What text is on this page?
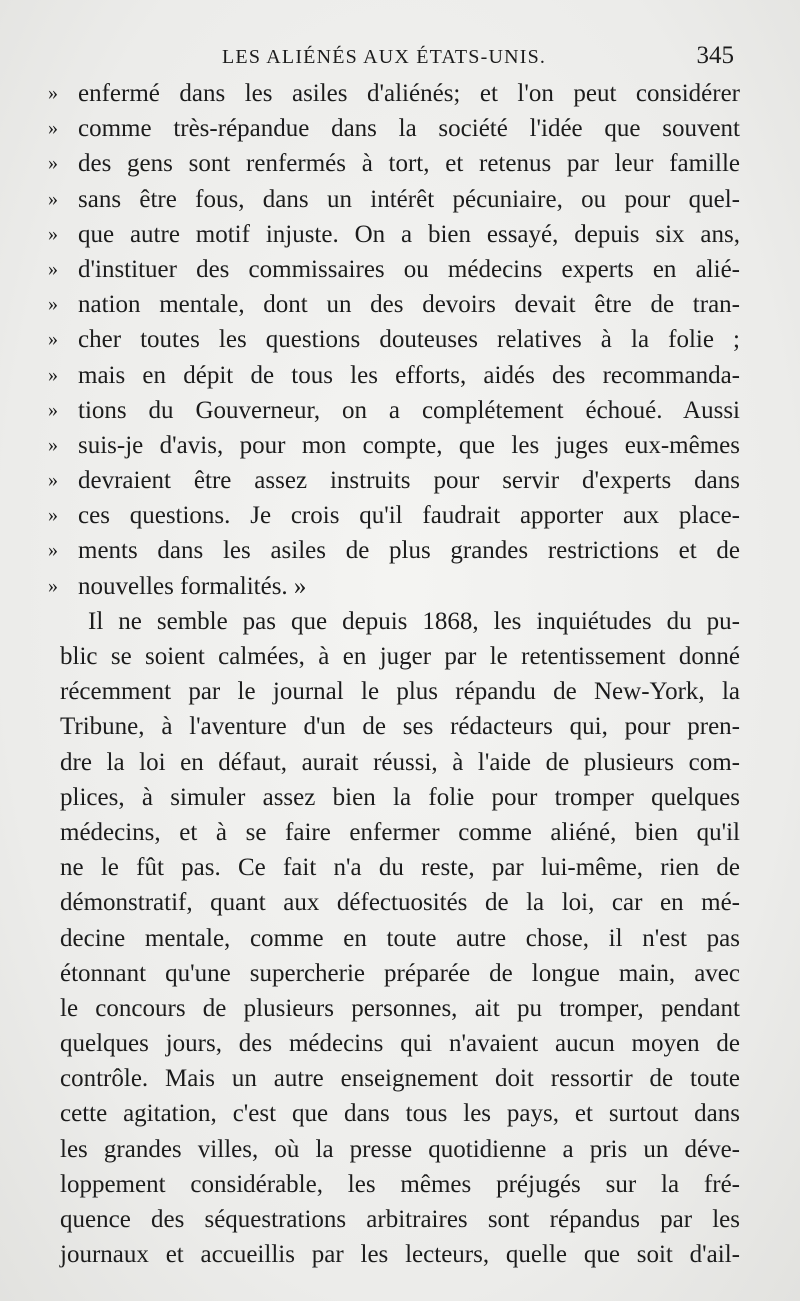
LES ALIÉNÉS AUX ÉTATS-UNIS.	345
» enfermé dans les asiles d'aliénés; et l'on peut considérer
» comme très-répandue dans la société l'idée que souvent
» des gens sont renfermés à tort, et retenus par leur famille
» sans être fous, dans un intérêt pécuniaire, ou pour quel-
» que autre motif injuste. On a bien essayé, depuis six ans,
» d'instituer des commissaires ou médecins experts en alié-
» nation mentale, dont un des devoirs devait être de tran-
» cher toutes les questions douteuses relatives à la folie ;
» mais en dépit de tous les efforts, aidés des recommanda-
» tions du Gouverneur, on a complétement échoué. Aussi
» suis-je d'avis, pour mon compte, que les juges eux-mêmes
» devraient être assez instruits pour servir d'experts dans
» ces questions. Je crois qu'il faudrait apporter aux place-
» ments dans les asiles de plus grandes restrictions et de
» nouvelles formalités. »
Il ne semble pas que depuis 1868, les inquiétudes du pu-
blic se soient calmées, à en juger par le retentissement donné
récemment par le journal le plus répandu de New-York, la
Tribune, à l'aventure d'un de ses rédacteurs qui, pour pren-
dre la loi en défaut, aurait réussi, à l'aide de plusieurs com-
plices, à simuler assez bien la folie pour tromper quelques
médecins, et à se faire enfermer comme aliéné, bien qu'il
ne le fût pas. Ce fait n'a du reste, par lui-même, rien de
démonstratif, quant aux défectuosités de la loi, car en mé-
decine mentale, comme en toute autre chose, il n'est pas
étonnant qu'une supercherie préparée de longue main, avec
le concours de plusieurs personnes, ait pu tromper, pendant
quelques jours, des médecins qui n'avaient aucun moyen de
contrôle. Mais un autre enseignement doit ressortir de toute
cette agitation, c'est que dans tous les pays, et surtout dans
les grandes villes, où la presse quotidienne a pris un déve-
loppement considérable, les mêmes préjugés sur la fré-
quence des séquestrations arbitraires sont répandus par les
journaux et accueillis par les lecteurs, quelle que soit d'ail-
